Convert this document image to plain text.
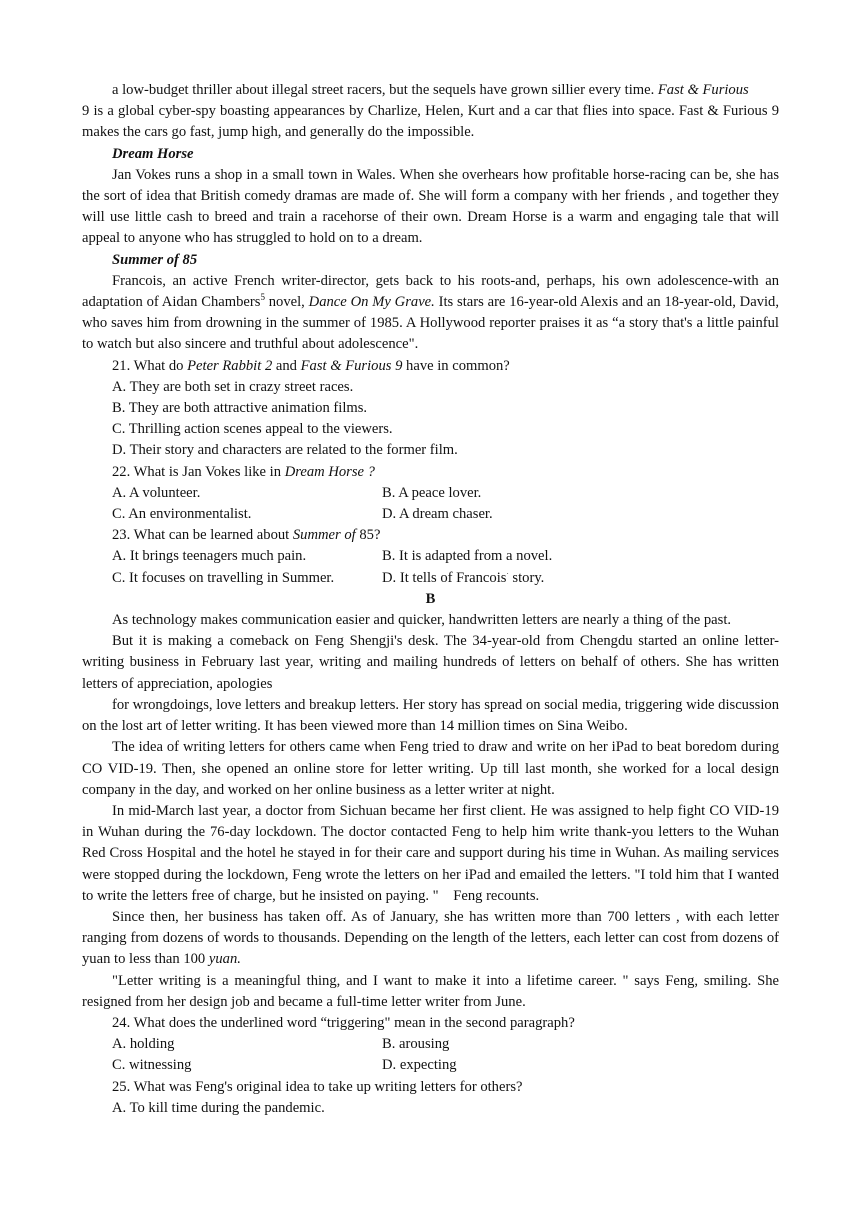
a low-budget thriller about illegal street racers, but the sequels have grown sillier every time. Fast & Furious
9 is a global cyber-spy boasting appearances by Charlize, Helen, Kurt and a car that flies into space. Fast & Furious 9 makes the cars go fast, jump high, and generally do the impossible.

Dream Horse

Jan Vokes runs a shop in a small town in Wales. When she overhears how profitable horse-racing can be, she has the sort of idea that British comedy dramas are made of. She will form a company with her friends , and together they will use little cash to breed and train a racehorse of their own. Dream Horse is a warm and engaging tale that will appeal to anyone who has struggled to hold on to a dream.

Summer of 85

Francois, an active French writer-director, gets back to his roots-and, perhaps, his own adolescence-with an adaptation of Aidan Chambers$^5$ novel, Dance On My Grave. Its stars are 16-year-old Alexis and an 18-year-old, David, who saves him from drowning in the summer of 1985. A Hollywood reporter praises it as “a story that's a little painful to watch but also sincere and truthful about adolescence".

21. What do Peter Rabbit 2 and Fast & Furious 9 have in common?

A. They are both set in crazy street races.

B. They are both attractive animation films.

C. Thrilling action scenes appeal to the viewers.

D. Their story and characters are related to the former film.

22. What is Jan Vokes like in Dream Horse ?

A. A volunteer.	B. A peace lover.
C. An environmentalist.	D. A dream chaser.

23. What can be learned about Summer of 85?

A. It brings teenagers much pain.	B. It is adapted from a novel.
C. It focuses on travelling in Summer.	D. It tells of Francois· story.

B

As technology makes communication easier and quicker, handwritten letters are nearly a thing of the past.

But it is making a comeback on Feng Shengji's desk. The 34-year-old from Chengdu started an online letter-writing business in February last year, writing and mailing hundreds of letters on behalf of others. She has written letters of appreciation, apologies

for wrongdoings, love letters and breakup letters. Her story has spread on social media, triggering wide discussion on the lost art of letter writing. It has been viewed more than 14 million times on Sina Weibo.

The idea of writing letters for others came when Feng tried to draw and write on her iPad to beat boredom during CO VID-19. Then, she opened an online store for letter writing. Up till last month, she worked for a local design company in the day, and worked on her online business as a letter writer at night.

In mid-March last year, a doctor from Sichuan became her first client. He was assigned to help fight CO VID-19 in Wuhan during the 76-day lockdown. The doctor contacted Feng to help him write thank-you letters to the Wuhan Red Cross Hospital and the hotel he stayed in for their care and support during his time in Wuhan. As mailing services were stopped during the lockdown, Feng wrote the letters on her iPad and emailed the letters. "I told him that I wanted to write the letters free of charge, but he insisted on paying. " Feng recounts.

Since then, her business has taken off. As of January, she has written more than 700 letters , with each letter ranging from dozens of words to thousands. Depending on the length of the letters, each letter can cost from dozens of yuan to less than 100 yuan.

"Letter writing is a meaningful thing, and I want to make it into a lifetime career. " says Feng, smiling. She resigned from her design job and became a full-time letter writer from June.

24. What does the underlined word “triggering" mean in the second paragraph?

A. holding	B. arousing
C. witnessing	D. expecting

25. What was Feng's original idea to take up writing letters for others?

A. To kill time during the pandemic.
